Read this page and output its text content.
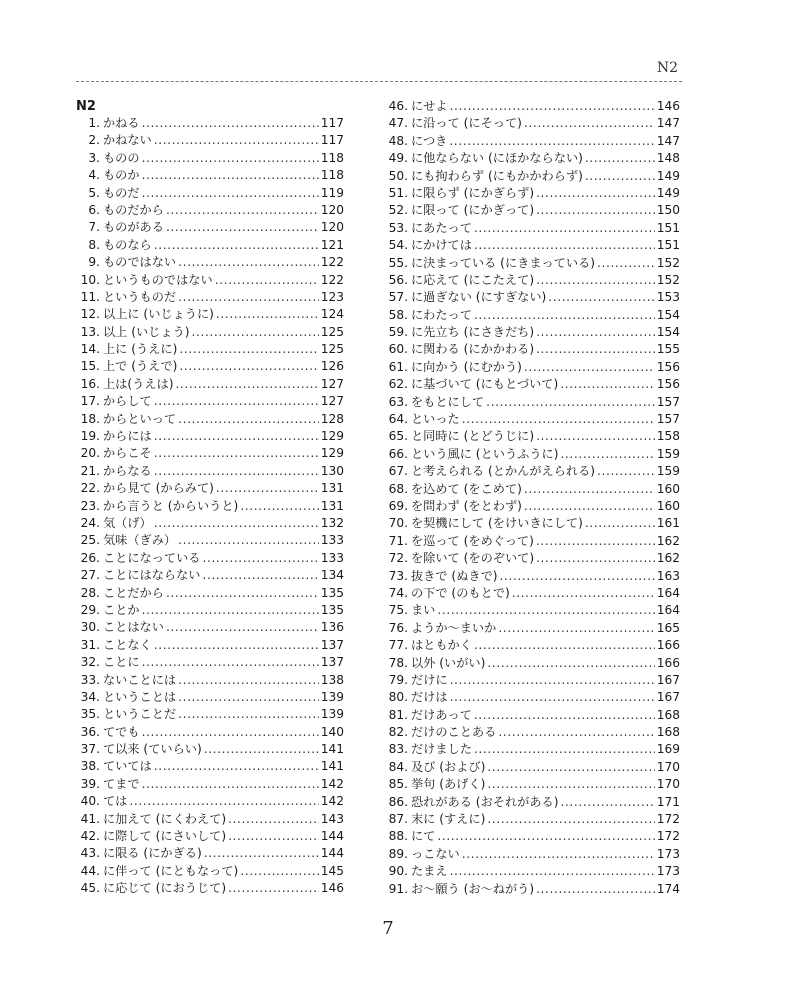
N2
N2
1. かねる .....	117
2. かねない .....	117
3. ものの .....	118
4. ものか .....	118
5. ものだ .....	119
6. ものだから .....	120
7. ものがある .....	120
8. ものなら .....	121
9. ものではない .....	122
10. というものではない .....	122
11. というものだ .....	123
12. 以上に (いじょうに) .....	124
13. 以上 (いじょう) .....	125
14. 上に (うえに) .....	125
15. 上で (うえで) .....	126
16. 上は(うえは) .....	127
17. からして .....	127
18. からといって .....	128
19. からには .....	129
20. からこそ .....	129
21. からなる .....	130
22. から見て (からみて) .....	131
23. から言うと (からいうと) .....	131
24. 気（げ） .....	132
25. 気味（ぎみ） .....	133
26. ことになっている .....	133
27. ことにはならない .....	134
28. ことだから .....	135
29. ことか .....	135
30. ことはない .....	136
31. ことなく .....	137
32. ことに .....	137
33. ないことには .....	138
34. ということは .....	139
35. ということだ .....	139
36. てでも .....	140
37. て以来 (ていらい) .....	141
38. ていては .....	141
39. てまで .....	142
40. ては .....	142
41. に加えて (にくわえて) .....	143
42. に際して (にさいして) .....	144
43. に限る (にかぎる) .....	144
44. に伴って (にともなって) .....	145
45. に応じて (におうじて) .....	146
46. にせよ .....	146
47. に沿って (にそって) .....	147
48. につき .....	147
49. に他ならない (にほかならない) .....	148
50. にも拘わらず (にもかかわらず) .....	149
51. に限らず (にかぎらず) .....	149
52. に限って (にかぎって) .....	150
53. にあたって .....	151
54. にかけては .....	151
55. に決まっている (にきまっている) .....	152
56. に応えて (にこたえて) .....	152
57. に過ぎない (にすぎない) .....	153
58. にわたって .....	154
59. に先立ち (にさきだち) .....	154
60. に関わる (にかかわる) .....	155
61. に向かう (にむかう) .....	156
62. に基づいて (にもとづいて) .....	156
63. をもとにして .....	157
64. といった .....	157
65. と同時に (とどうじに) .....	158
66. という風に (というふうに) .....	159
67. と考えられる (とかんがえられる) .....	159
68. を込めて (をこめて) .....	160
69. を問わず (をとわず) .....	160
70. を契機にして (をけいきにして) .....	161
71. を巡って (をめぐって) .....	162
72. を除いて (をのぞいて) .....	162
73. 抜きで (ぬきで) .....	163
74. の下で (のもとで) .....	164
75. まい .....	164
76. ようか〜まいか .....	165
77. はともかく .....	166
78. 以外 (いがい) .....	166
79. だけに .....	167
80. だけは .....	167
81. だけあって .....	168
82. だけのことある .....	168
83. だけました .....	169
84. 及び (および) .....	170
85. 挙句 (あげく) .....	170
86. 恐れがある (おそれがある) .....	171
87. 末に (すえに) .....	172
88. にて .....	172
89. っこない .....	173
90. たまえ .....	173
91. お〜願う (お〜ねがう) .....	174
7
